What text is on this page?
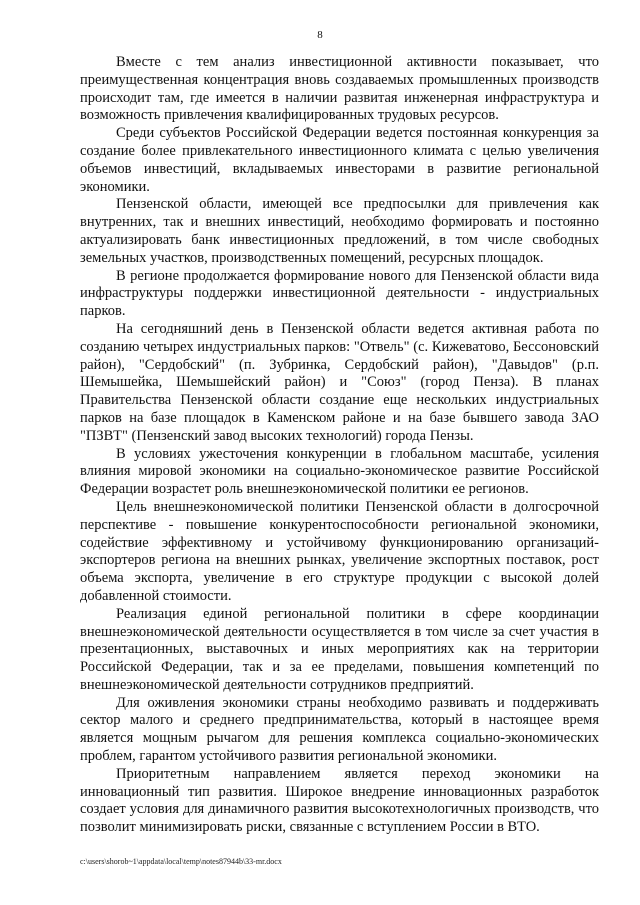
8

Вместе с тем анализ инвестиционной активности показывает, что преимущественная концентрация вновь создаваемых промышленных производств происходит там, где имеется в наличии развитая инженерная инфраструктура и возможность привлечения квалифицированных трудовых ресурсов.

Среди субъектов Российской Федерации ведется постоянная конкуренция за создание более привлекательного инвестиционного климата с целью увеличения объемов инвестиций, вкладываемых инвесторами в развитие региональной экономики.

Пензенской области, имеющей все предпосылки для привлечения как внутренних, так и внешних инвестиций, необходимо формировать и постоянно актуализировать банк инвестиционных предложений, в том числе свободных земельных участков, производственных помещений, ресурсных площадок.

В регионе продолжается формирование нового для Пензенской области вида инфраструктуры поддержки инвестиционной деятельности - индустриальных парков.

На сегодняшний день в Пензенской области ведется активная работа по созданию четырех индустриальных парков: "Отвель" (с. Кижеватово, Бессоновский район), "Сердобский" (п. Зубринка, Сердобский район), "Давыдов" (р.п. Шемышейка, Шемышейский район) и "Союз" (город Пенза). В планах Правительства Пензенской области создание еще нескольких индустриальных парков на базе площадок в Каменском районе и на базе бывшего завода ЗАО "ПЗВТ" (Пензенский завод высоких технологий) города Пензы.

В условиях ужесточения конкуренции в глобальном масштабе, усиления влияния мировой экономики на социально-экономическое развитие Российской Федерации возрастет роль внешнеэкономической политики ее регионов.

Цель внешнеэкономической политики Пензенской области в долгосрочной перспективе - повышение конкурентоспособности региональной экономики, содействие эффективному и устойчивому функционированию организаций-экспортеров региона на внешних рынках, увеличение экспортных поставок, рост объема экспорта, увеличение в его структуре продукции с высокой долей добавленной стоимости.

Реализация единой региональной политики в сфере координации внешнеэкономической деятельности осуществляется в том числе за счет участия в презентационных, выставочных и иных мероприятиях как на территории Российской Федерации, так и за ее пределами, повышения компетенций по внешнеэкономической деятельности сотрудников предприятий.

Для оживления экономики страны необходимо развивать и поддерживать сектор малого и среднего предпринимательства, который в настоящее время является мощным рычагом для решения комплекса социально-экономических проблем, гарантом устойчивого развития региональной экономики.

Приоритетным направлением является переход экономики на инновационный тип развития. Широкое внедрение инновационных разработок создает условия для динамичного развития высокотехнологичных производств, что позволит минимизировать риски, связанные с вступлением России в ВТО.

c:\users\shorob~1\appdata\local\temp\notes87944b\33-mr.docx
